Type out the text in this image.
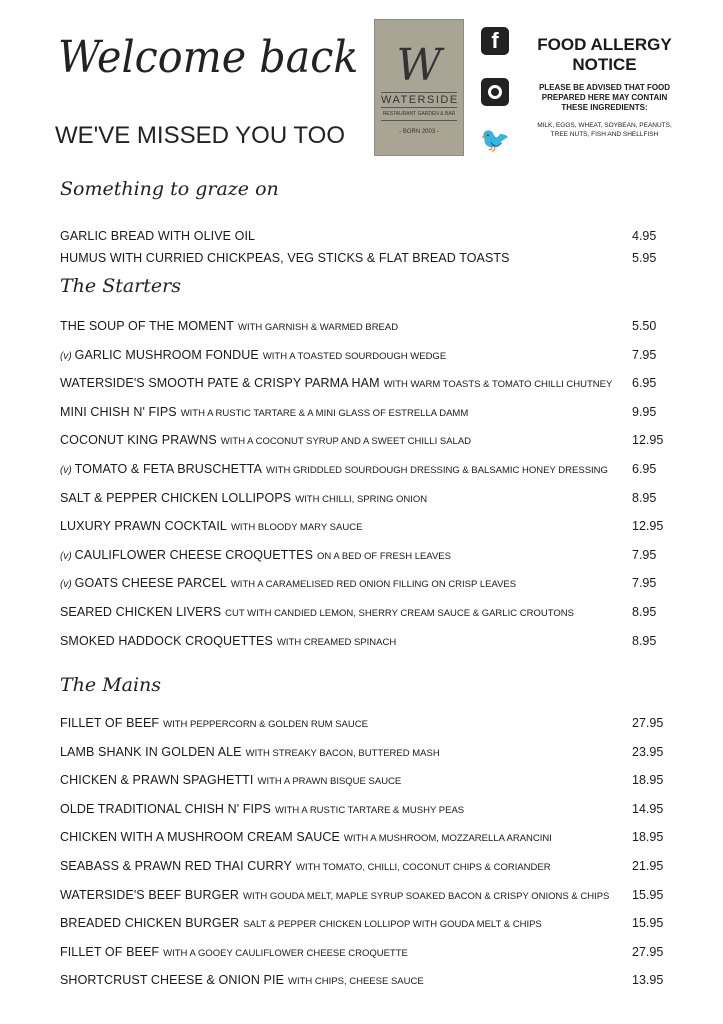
Welcome back
WE'VE MISSED YOU TOO
W
WATERSIDE
RESTAURANT GARDEN & BAR
- BORN 2003 -
f
🐦
FOOD ALLERGY NOTICE
PLEASE BE ADVISED THAT FOOD PREPARED HERE MAY CONTAIN THESE INGREDIENTS:
MILK, EGGS, WHEAT, SOYBEAN, PEANUTS, TREE NUTS, FISH AND SHELLFISH
Something to graze on
GARLIC BREAD WITH OLIVE OIL	4.95
HUMUS WITH CURRIED CHICKPEAS, VEG STICKS & FLAT BREAD TOASTS	5.95
The Starters
THE SOUP OF THE MOMENT WITH GARNISH & WARMED BREAD	5.50
(v) GARLIC MUSHROOM FONDUE WITH A TOASTED SOURDOUGH WEDGE	7.95
WATERSIDE'S SMOOTH PATE & CRISPY PARMA HAM WITH WARM TOASTS & TOMATO CHILLI CHUTNEY 6.95
MINI CHISH N' FIPS WITH A RUSTIC TARTARE & A MINI GLASS OF ESTRELLA DAMM	9.95
COCONUT KING PRAWNS WITH A COCONUT SYRUP AND A SWEET CHILLI SALAD	12.95
(v) TOMATO & FETA BRUSCHETTA WITH GRIDDLED SOURDOUGH DRESSING & BALSAMIC HONEY DRESSING 6.95
SALT & PEPPER CHICKEN LOLLIPOPS WITH CHILLI, SPRING ONION	8.95
LUXURY PRAWN COCKTAIL WITH BLOODY MARY SAUCE	12.95
(v) CAULIFLOWER CHEESE CROQUETTES ON A BED OF FRESH LEAVES	7.95
(v) GOATS CHEESE PARCEL WITH A CARAMELISED RED ONION FILLING ON CRISP LEAVES	7.95
SEARED CHICKEN LIVERS CUT WITH CANDIED LEMON, SHERRY CREAM SAUCE & GARLIC CROUTONS	8.95
SMOKED HADDOCK CROQUETTES WITH CREAMED SPINACH	8.95
The Mains
FILLET OF BEEF WITH PEPPERCORN & GOLDEN RUM SAUCE	27.95
LAMB SHANK IN GOLDEN ALE WITH STREAKY BACON, BUTTERED MASH	23.95
CHICKEN & PRAWN SPAGHETTI WITH A PRAWN BISQUE SAUCE	18.95
OLDE TRADITIONAL CHISH N' FIPS WITH A RUSTIC TARTARE & MUSHY PEAS	14.95
CHICKEN WITH A MUSHROOM CREAM SAUCE WITH A MUSHROOM, MOZZARELLA ARANCINI	18.95
SEABASS & PRAWN RED THAI CURRY WITH TOMATO, CHILLI, COCONUT CHIPS & CORIANDER	21.95
WATERSIDE'S BEEF BURGER WITH GOUDA MELT, MAPLE SYRUP SOAKED BACON & CRISPY ONIONS & CHIPS 15.95
BREADED CHICKEN BURGER SALT & PEPPER CHICKEN LOLLIPOP WITH GOUDA MELT & CHIPS	15.95
FILLET OF BEEF WITH A GOOEY CAULIFLOWER CHEESE CROQUETTE	27.95
SHORTCRUST CHEESE & ONION PIE WITH CHIPS, CHEESE SAUCE	13.95
